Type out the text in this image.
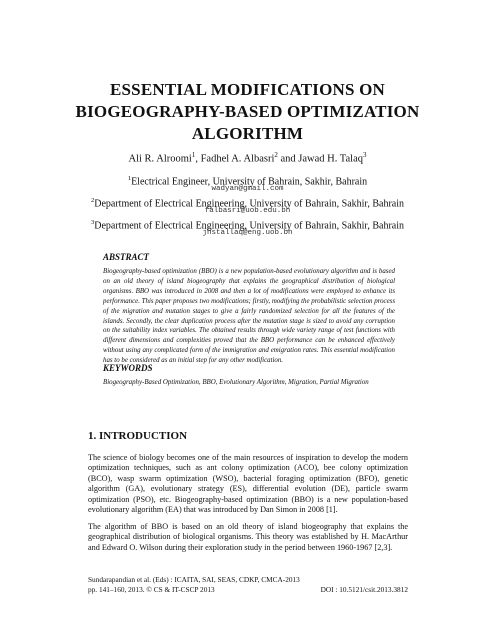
ESSENTIAL MODIFICATIONS ON
BIOGEOGRAPHY-BASED OPTIMIZATION
ALGORITHM
Ali R. Alroomi$^1$, Fadhel A. Albasri$^2$ and Jawad H. Talaq$^3$
$^1$Electrical Engineer, University of Bahrain, Sakhir, Bahrain
wadyan@gmail.com
$^2$Department of Electrical Engineering, University of Bahrain, Sakhir, Bahrain
falbasri@uob.edu.bh
$^3$Department of Electrical Engineering, University of Bahrain, Sakhir, Bahrain
jhstallaq@eng.uob.bh
ABSTRACT
Biogeography-based optimization (BBO) is a new population-based evolutionary algorithm and is based on an old theory of island biogeography that explains the geographical distribution of biological organisms. BBO was introduced in 2008 and then a lot of modifications were employed to enhance its performance. This paper proposes two modifications; firstly, modifying the probabilistic selection process of the migration and mutation stages to give a fairly randomized selection for all the features of the islands. Secondly, the clear duplication process after the mutation stage is sized to avoid any corruption on the suitability index variables. The obtained results through wide variety range of test functions with different dimensions and complexities proved that the BBO performance can be enhanced effectively without using any complicated form of the immigration and emigration rates. This essential modification has to be considered as an initial step for any other modification.
KEYWORDS
Biogeography-Based Optimization, BBO, Evolutionary Algorithm, Migration, Partial Migration
1. INTRODUCTION
The science of biology becomes one of the main resources of inspiration to develop the modern optimization techniques, such as ant colony optimization (ACO), bee colony optimization (BCO), wasp swarm optimization (WSO), bacterial foraging optimization (BFO), genetic algorithm (GA), evolutionary strategy (ES), differential evolution (DE), particle swarm optimization (PSO), etc. Biogeography-based optimization (BBO) is a new population-based evolutionary algorithm (EA) that was introduced by Dan Simon in 2008 [1].
The algorithm of BBO is based on an old theory of island biogeography that explains the geographical distribution of biological organisms. This theory was established by H. MacArthur and Edward O. Wilson during their exploration study in the period between 1960-1967 [2,3].
Sundarapandian et al. (Eds) : ICAITA, SAI, SEAS, CDKP, CMCA-2013
pp. 141–160, 2013. © CS & IT-CSCP 2013	DOI : 10.5121/csit.2013.3812
